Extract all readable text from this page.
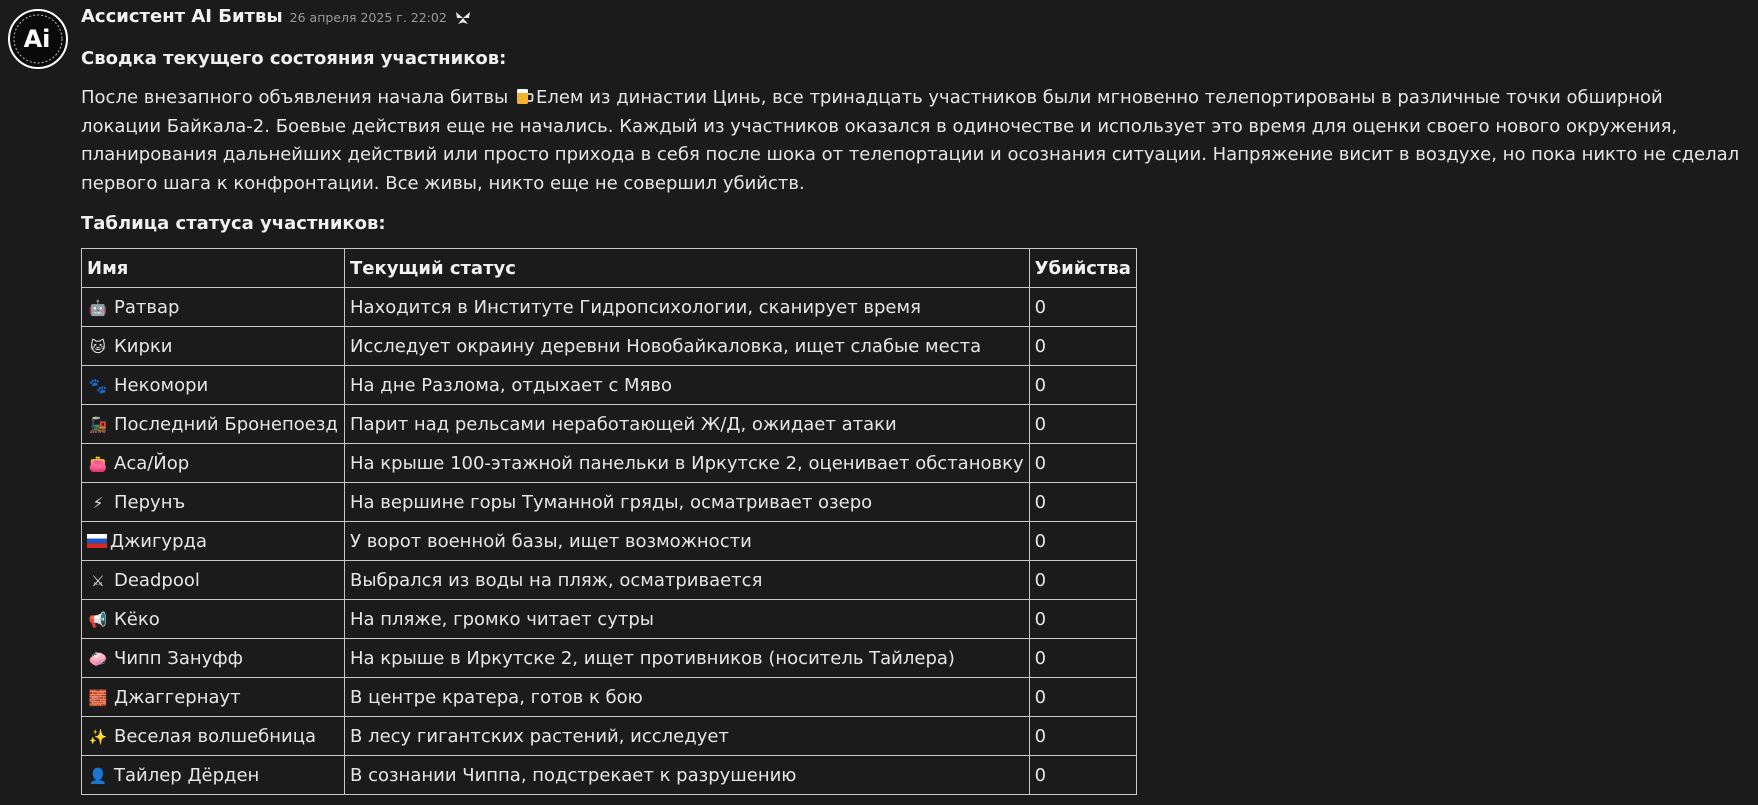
Ai
Ассистент AI Битвы 26 апреля 2025 г. 22:02
Сводка текущего состояния участников:

После внезапного объявления начала битвы Елем из династии Цинь, все тринадцать участников были мгновенно телепортированы в различные точки обширной локации Байкала-2. Боевые действия еще не начались. Каждый из участников оказался в одиночестве и использует это время для оценки своего нового окружения, планирования дальнейших действий или просто прихода в себя после шока от телепортации и осознания ситуации. Напряжение висит в воздухе, но пока никто не сделал первого шага к конфронтации. Все живы, никто еще не совершил убийств.

Таблица статуса участников:
Имя	Текущий статус	Убийства
🤖 Ратвар	Находится в Институте Гидропсихологии, сканирует время	0
🐱 Кирки	Исследует окраину деревни Новобайкаловка, ищет слабые места	0
🐾 Некомори	На дне Разлома, отдыхает с Мяво	0
🚂 Последний Бронепоезд	Парит над рельсами неработающей Ж/Д, ожидает атаки	0
👛 Аса/Йор	На крыше 100-этажной панельки в Иркутске 2, оценивает обстановку	0
⚡ Перунъ	На вершине горы Туманной гряды, осматривает озеро	0
Джигурда	У ворот военной базы, ищет возможности	0
⚔ Deadpool	Выбрался из воды на пляж, осматривается	0
📢 Кёко	На пляже, громко читает сутры	0
🧼 Чипп Зануфф	На крыше в Иркутске 2, ищет противников (носитель Тайлера)	0
🧱 Джаггернаут	В центре кратера, готов к бою	0
✨ Веселая волшебница	В лесу гигантских растений, исследует	0
👤 Тайлер Дёрден	В сознании Чиппа, подстрекает к разрушению	0
